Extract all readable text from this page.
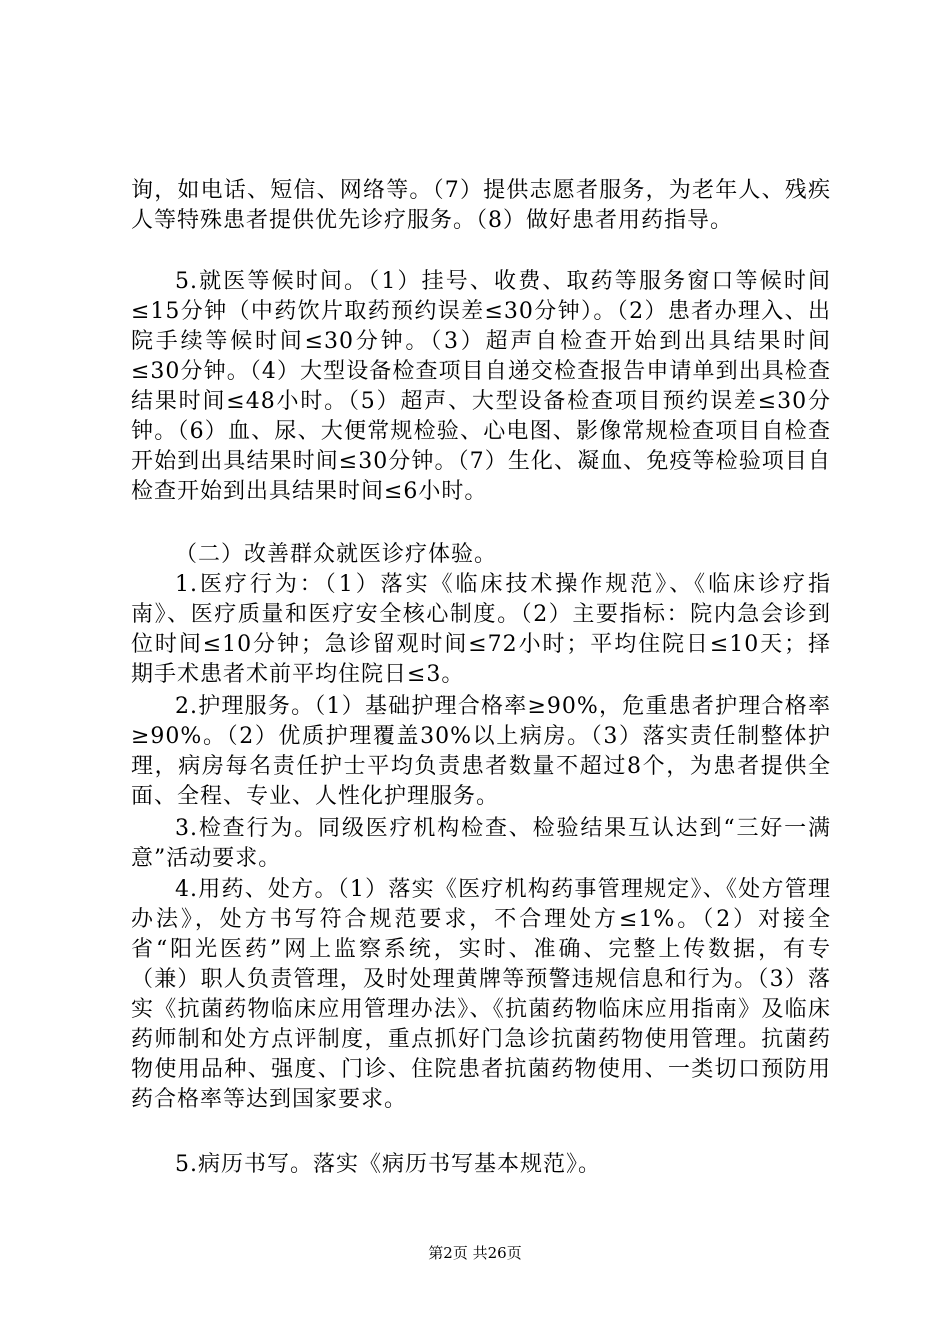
询，如电话、短信、网络等。（7）提供志愿者服务，为老年人、残疾人等特殊患者提供优先诊疗服务。（8）做好患者用药指导。

5.就医等候时间。（1）挂号、收费、取药等服务窗口等候时间≤15分钟（中药饮片取药预约误差≤30分钟）。（2）患者办理入、出院手续等候时间≤30分钟。（3）超声自检查开始到出具结果时间≤30分钟。（4）大型设备检查项目自递交检查报告申请单到出具检查结果时间≤48小时。（5）超声、大型设备检查项目预约误差≤30分钟。（6）血、尿、大便常规检验、心电图、影像常规检查项目自检查开始到出具结果时间≤30分钟。（7）生化、凝血、免疫等检验项目自检查开始到出具结果时间≤6小时。

（二）改善群众就医诊疗体验。

1.医疗行为：（1）落实《临床技术操作规范》、《临床诊疗指南》、医疗质量和医疗安全核心制度。（2）主要指标：院内急会诊到位时间≤10分钟；急诊留观时间≤72小时；平均住院日≤10天；择期手术患者术前平均住院日≤3。

2.护理服务。（1）基础护理合格率≥90%，危重患者护理合格率≥90%。（2）优质护理覆盖30%以上病房。（3）落实责任制整体护理，病房每名责任护士平均负责患者数量不超过8个，为患者提供全面、全程、专业、人性化护理服务。

3.检查行为。同级医疗机构检查、检验结果互认达到“三好一满意”活动要求。

4.用药、处方。（1）落实《医疗机构药事管理规定》、《处方管理办法》，处方书写符合规范要求，不合理处方≤1%。（2）对接全省“阳光医药”网上监察系统，实时、准确、完整上传数据，有专（兼）职人负责管理，及时处理黄牌等预警违规信息和行为。（3）落实《抗菌药物临床应用管理办法》、《抗菌药物临床应用指南》及临床药师制和处方点评制度，重点抓好门急诊抗菌药物使用管理。抗菌药物使用品种、强度、门诊、住院患者抗菌药物使用、一类切口预防用药合格率等达到国家要求。

5.病历书写。落实《病历书写基本规范》。

第2页 共26页
